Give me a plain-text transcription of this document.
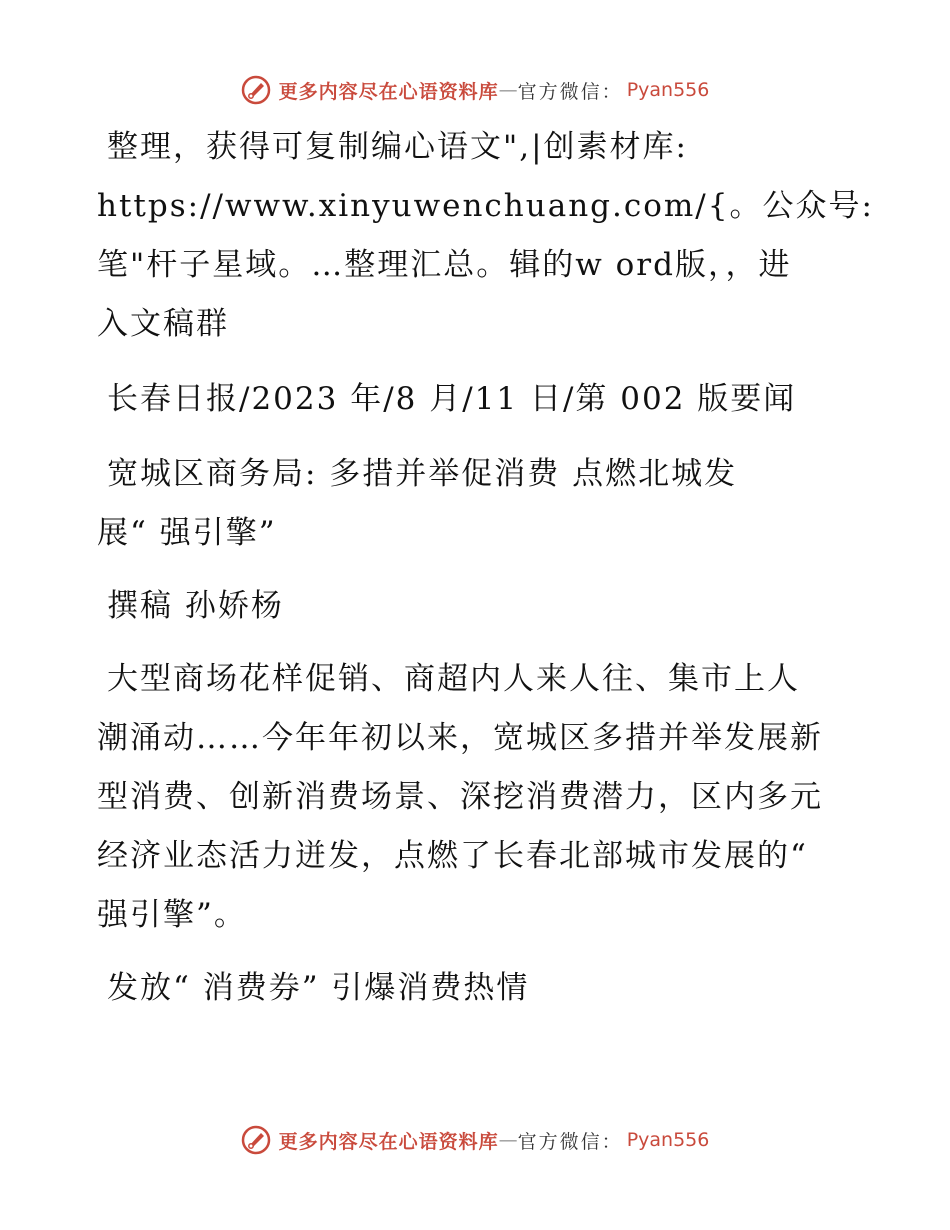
更多内容尽在心语资料库 — 官方微信： Pyan556
整理，获得可复制编心语文",|创素材库:
https://www.xinyuwenchuang.com/{。公众号:
笔"杆子星域。…整理汇总。辑的w ord版，，进
入文稿群
长春日报/2023 年/8 月/11 日/第 002 版要闻
宽城区商务局: 多措并举促消费 点燃北城发
展“ 强引擎”
撰稿 孙娇杨
大型商场花样促销、商超内人来人往、集市上人
潮涌动……今年年初以来，宽城区多措并举发展新
型消费、创新消费场景、深挖消费潜力，区内多元
经济业态活力迸发，点燃了长春北部城市发展的“
强引擎”。
发放“ 消费券” 引爆消费热情
更多内容尽在心语资料库 — 官方微信： Pyan556
